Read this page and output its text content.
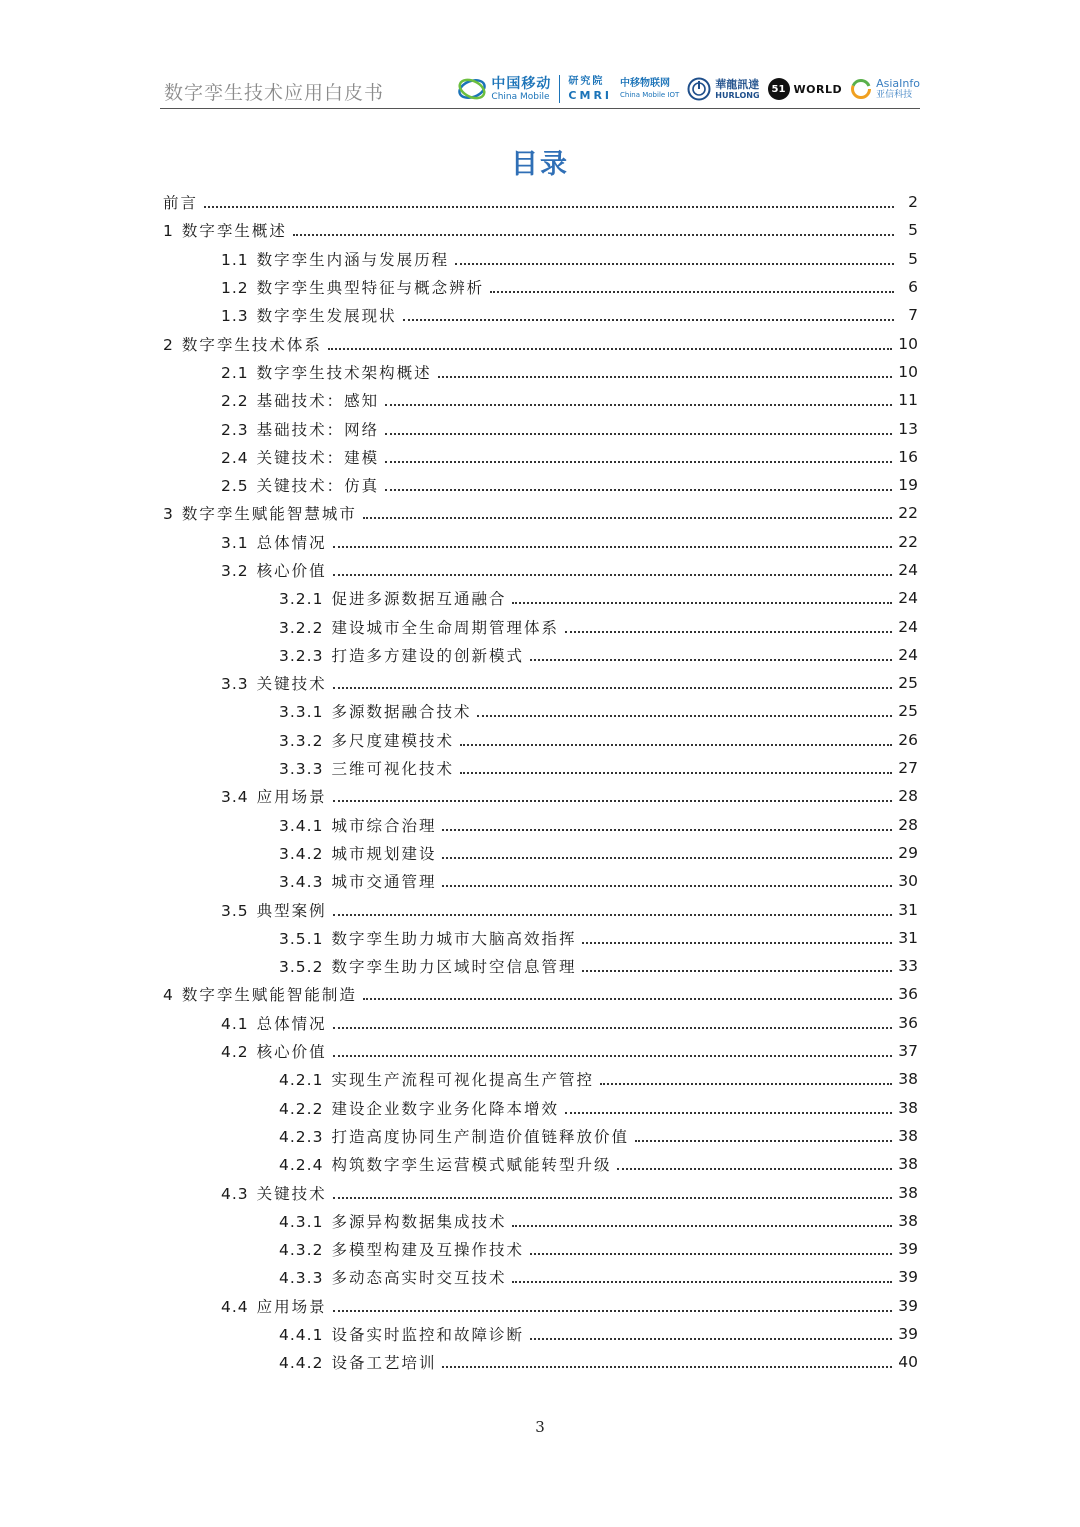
数字孪生技术应用白皮书	中国移动
China Mobile
研究院
CMRI
中移物联网
China Mobile IOT
華龍訊達
HURLONG
51 WORLD	AsiaInfo
亚信科技
目录
前言	2
1 数字孪生概述	5
1.1 数字孪生内涵与发展历程	5
1.2 数字孪生典型特征与概念辨析	6
1.3 数字孪生发展现状	7
2 数字孪生技术体系	10
2.1 数字孪生技术架构概述	10
2.2 基础技术：感知	11
2.3 基础技术：网络	13
2.4 关键技术：建模	16
2.5 关键技术：仿真	19
3 数字孪生赋能智慧城市	22
3.1 总体情况	22
3.2 核心价值	24
3.2.1 促进多源数据互通融合	24
3.2.2 建设城市全生命周期管理体系	24
3.2.3 打造多方建设的创新模式	24
3.3 关键技术	25
3.3.1 多源数据融合技术	25
3.3.2 多尺度建模技术	26
3.3.3 三维可视化技术	27
3.4 应用场景	28
3.4.1 城市综合治理	28
3.4.2 城市规划建设	29
3.4.3 城市交通管理	30
3.5 典型案例	31
3.5.1 数字孪生助力城市大脑高效指挥	31
3.5.2 数字孪生助力区域时空信息管理	33
4 数字孪生赋能智能制造	36
4.1 总体情况	36
4.2 核心价值	37
4.2.1 实现生产流程可视化提高生产管控	38
4.2.2 建设企业数字业务化降本增效	38
4.2.3 打造高度协同生产制造价值链释放价值	38
4.2.4 构筑数字孪生运营模式赋能转型升级	38
4.3 关键技术	38
4.3.1 多源异构数据集成技术	38
4.3.2 多模型构建及互操作技术	39
4.3.3 多动态高实时交互技术	39
4.4 应用场景	39
4.4.1 设备实时监控和故障诊断	39
4.4.2 设备工艺培训	40
3
